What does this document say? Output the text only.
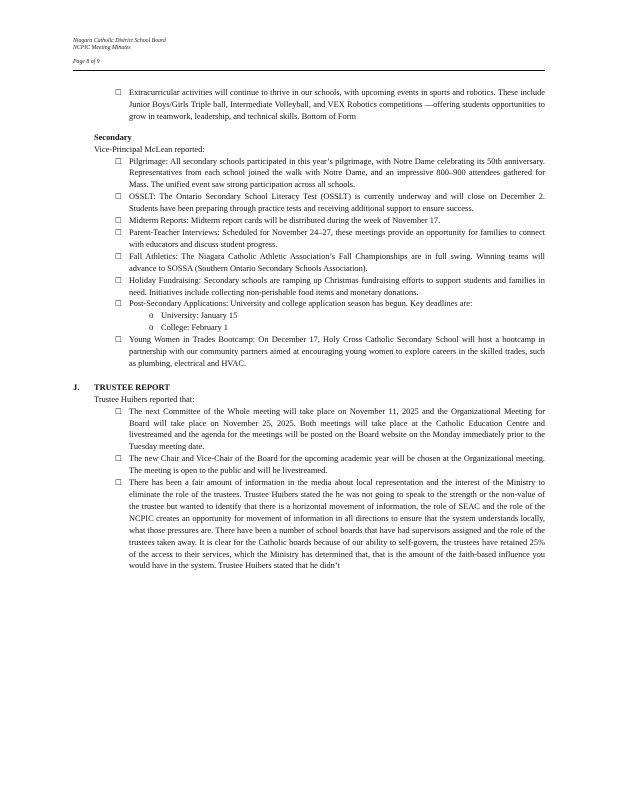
Niagara Catholic District School Board
NCPIC Meeting Minutes
Page 8 of 9
☐ Extracurricular activities will continue to thrive in our schools, with upcoming events in sports and robotics. These include Junior Boys/Girls Triple ball, Intermediate Volleyball, and VEX Robotics competitions —offering students opportunities to grow in teamwork, leadership, and technical skills. Bottom of Form
Secondary
Vice-Principal McLean reported:
☐ Pilgrimage: All secondary schools participated in this year’s pilgrimage, with Notre Dame celebrating its 50th anniversary. Representatives from each school joined the walk with Notre Dame, and an impressive 800–900 attendees gathered for Mass. The unified event saw strong participation across all schools.
☐ OSSLT: The Ontario Secondary School Literacy Test (OSSLT) is currently underway and will close on December 2. Students have been preparing through practice tests and receiving additional support to ensure success.
☐ Midterm Reports: Midterm report cards will be distributed during the week of November 17.
☐ Parent-Teacher Interviews: Scheduled for November 24–27, these meetings provide an opportunity for families to connect with educators and discuss student progress.
☐ Fall Athletics: The Niagara Catholic Athletic Association’s Fall Championships are in full swing. Winning teams will advance to SOSSA (Southern Ontario Secondary Schools Association).
☐ Holiday Fundraising: Secondary schools are ramping up Christmas fundraising efforts to support students and families in need. Initiatives include collecting non-perishable food items and monetary donations.
☐ Post-Secondary Applications: University and college application season has begun. Key deadlines are:
o University: January 15
o College: February 1
☐ Young Women in Trades Bootcamp: On December 17, Holy Cross Catholic Secondary School will host a bootcamp in partnership with our community partners aimed at encouraging young women to explore careers in the skilled trades, such as plumbing, electrical and HVAC.
J.	TRUSTEE REPORT
Trustee Huibers reported that:
☐ The next Committee of the Whole meeting will take place on November 11, 2025 and the Organizational Meeting for Board will take place on November 25, 2025. Both meetings will take place at the Catholic Education Centre and livestreamed and the agenda for the meetings will be posted on the Board website on the Monday immediately prior to the Tuesday meeting date.
☐ The new Chair and Vice-Chair of the Board for the upcoming academic year will be chosen at the Organizational meeting. The meeting is open to the public and will be livestreamed.
☐ There has been a fair amount of information in the media about local representation and the interest of the Ministry to eliminate the role of the trustees. Trustee Huibers stated the he was not going to speak to the strength or the non-value of the trustee but wanted to identify that there is a horizontal movement of information, the role of SEAC and the role of the NCPIC creates an opportunity for movement of information in all directions to ensure that the system understands locally, what those pressures are. There have been a number of school boards that have had supervisors assigned and the role of the trustees taken away. It is clear for the Catholic boards because of our ability to self-govern, the trustees have retained 25% of the access to their services, which the Ministry has determined that, that is the amount of the faith-based influence you would have in the system. Trustee Huibers stated that he didn’t
